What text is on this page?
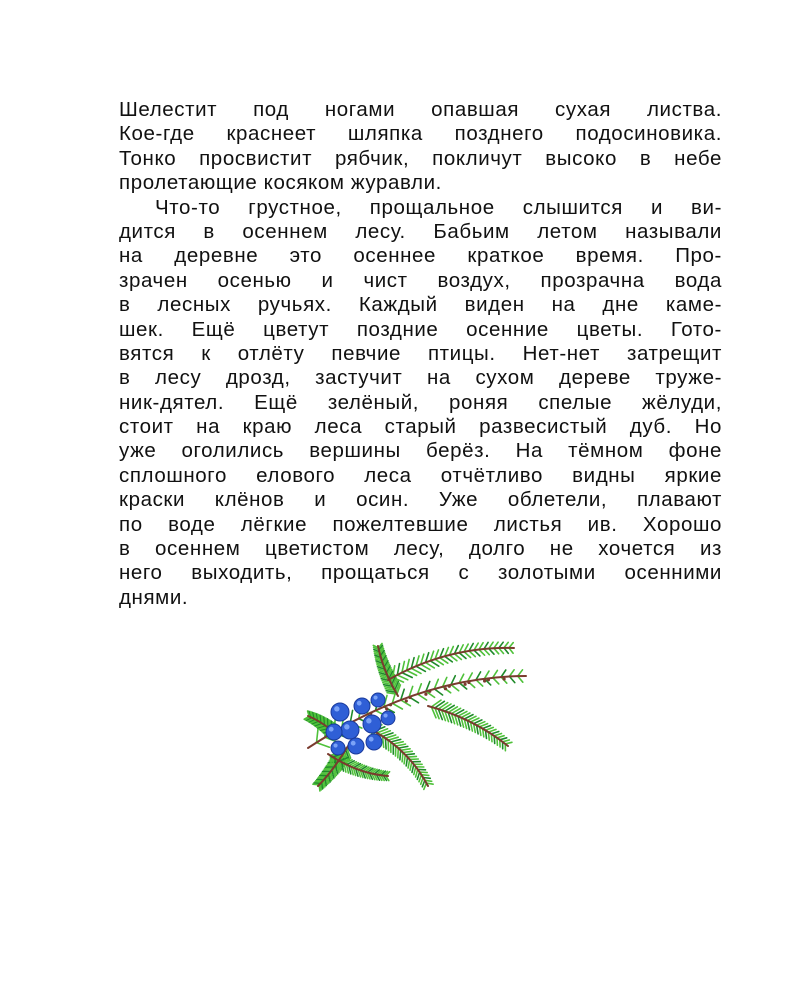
Шелестит под ногами опавшая сухая листва.
Кое-где краснеет шляпка позднего подосиновика.
Тонко просвистит рябчик, покличут высоко в небе
пролетающие косяком журавли.
Что-то грустное, прощальное слышится и ви-
дится в осеннем лесу. Бабьим летом называли
на деревне это осеннее краткое время. Про-
зрачен осенью и чист воздух, прозрачна вода
в лесных ручьях. Каждый виден на дне каме-
шек. Ещё цветут поздние осенние цветы. Гото-
вятся к отлёту певчие птицы. Нет-нет затрещит
в лесу дрозд, застучит на сухом дереве труже-
ник-дятел. Ещё зелёный, роняя спелые жёлуди,
стоит на краю леса старый развесистый дуб. Но
уже оголились вершины берёз. На тёмном фоне
сплошного елового леса отчётливо видны яркие
краски клёнов и осин. Уже облетели, плавают
по воде лёгкие пожелтевшие листья ив. Хорошо
в осеннем цветистом лесу, долго не хочется из
него выходить, прощаться с золотыми осенними
днями.
